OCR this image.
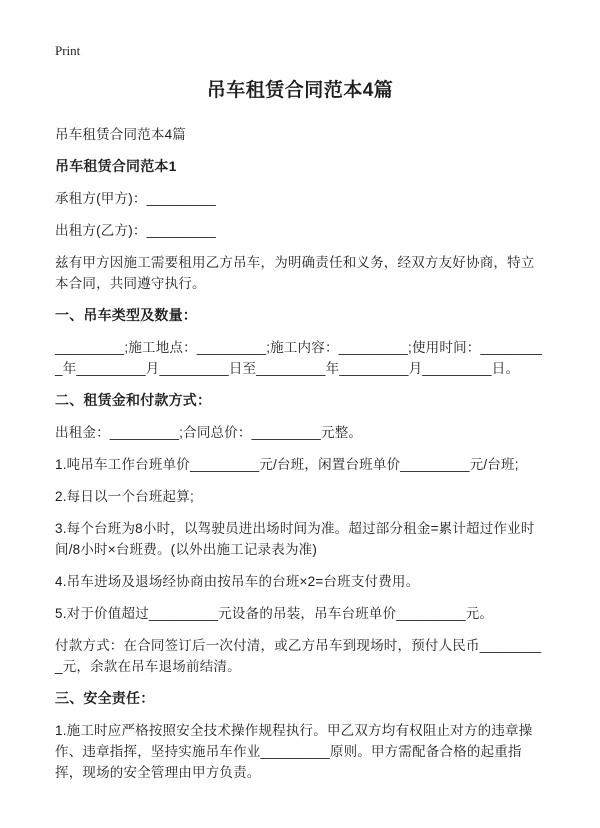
Print
吊车租赁合同范本4篇

吊车租赁合同范本4篇

吊车租赁合同范本1

承租方(甲方)：_________

出租方(乙方)：_________

兹有甲方因施工需要租用乙方吊车，为明确责任和义务，经双方友好协商，特立本合同，共同遵守执行。

一、吊车类型及数量：

_________;施工地点：_________;施工内容：_________;使用时间：_________年_________月_________日至_________年_________月_________日。

二、租赁金和付款方式：

出租金：_________;合同总价：_________元整。

1.吨吊车工作台班单价_________元/台班，闲置台班单价_________元/台班;

2.每日以一个台班起算;

3.每个台班为8小时，以驾驶员进出场时间为准。超过部分租金=累计超过作业时间/8小时×台班费。(以外出施工记录表为准)

4.吊车进场及退场经协商由按吊车的台班×2=台班支付费用。

5.对于价值超过_________元设备的吊装，吊车台班单价_________元。

付款方式：在合同签订后一次付清，或乙方吊车到现场时，预付人民币_________元，余款在吊车退场前结清。

三、安全责任：

1.施工时应严格按照安全技术操作规程执行。甲乙双方均有权阻止对方的违章操作、违章指挥，坚持实施吊车作业_________原则。甲方需配备合格的起重指挥，现场的安全管理由甲方负责。
